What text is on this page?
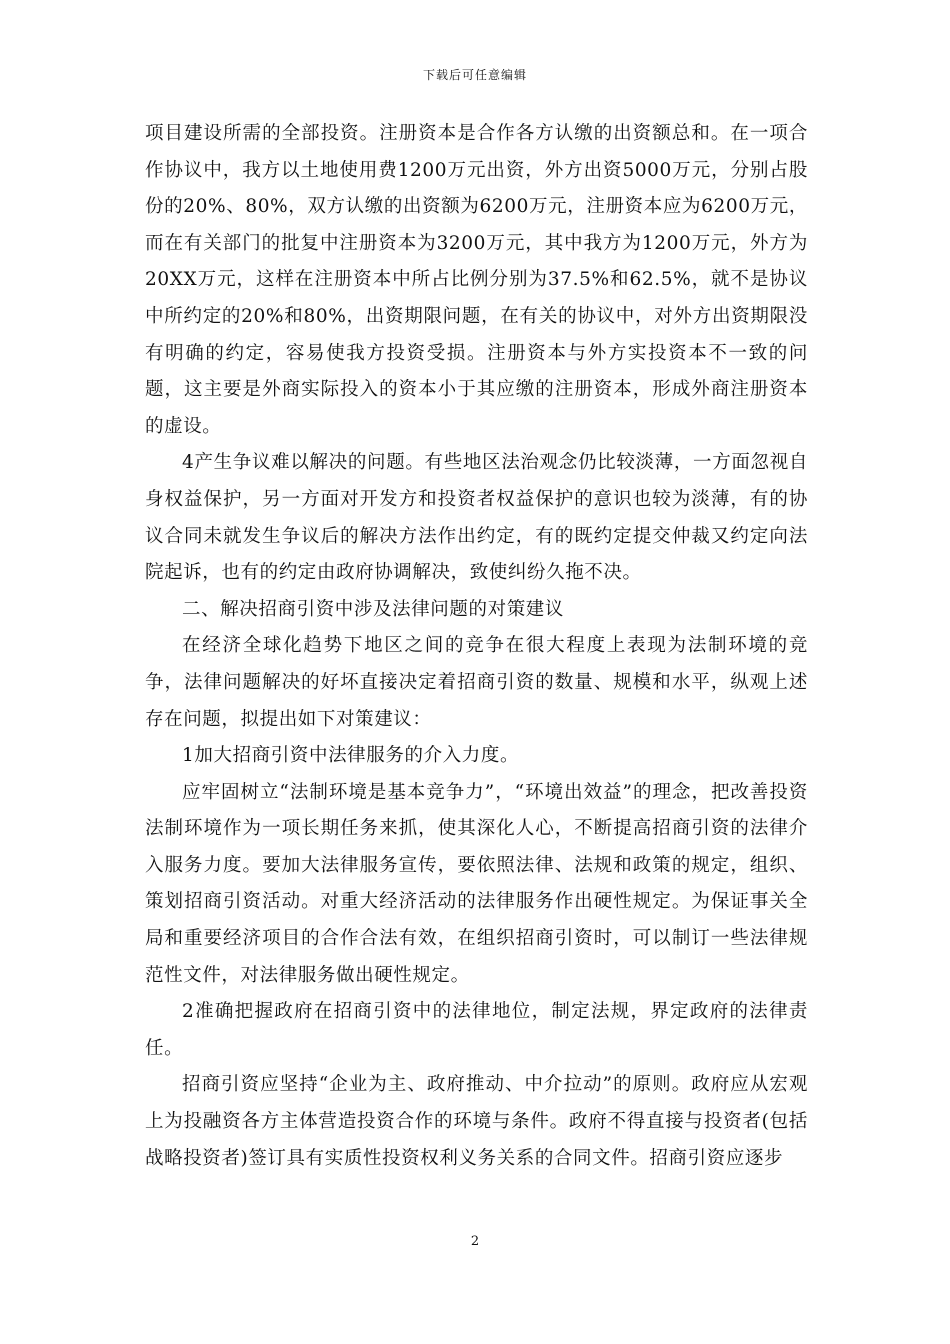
下载后可任意编辑

项目建设所需的全部投资。注册资本是合作各方认缴的出资额总和。在一项合作协议中，我方以土地使用费1200万元出资，外方出资5000万元，分别占股份的20%、80%，双方认缴的出资额为6200万元，注册资本应为6200万元，而在有关部门的批复中注册资本为3200万元，其中我方为1200万元，外方为20XX万元，这样在注册资本中所占比例分别为37.5%和62.5%，就不是协议中所约定的20%和80%，出资期限问题，在有关的协议中，对外方出资期限没有明确的约定，容易使我方投资受损。注册资本与外方实投资本不一致的问题，这主要是外商实际投入的资本小于其应缴的注册资本，形成外商注册资本的虚设。

4产生争议难以解决的问题。有些地区法治观念仍比较淡薄，一方面忽视自身权益保护，另一方面对开发方和投资者权益保护的意识也较为淡薄，有的协议合同未就发生争议后的解决方法作出约定，有的既约定提交仲裁又约定向法院起诉，也有的约定由政府协调解决，致使纠纷久拖不决。

二、解决招商引资中涉及法律问题的对策建议

在经济全球化趋势下地区之间的竞争在很大程度上表现为法制环境的竞争，法律问题解决的好坏直接决定着招商引资的数量、规模和水平，纵观上述存在问题，拟提出如下对策建议：

1加大招商引资中法律服务的介入力度。

应牢固树立“法制环境是基本竞争力”，“环境出效益”的理念，把改善投资法制环境作为一项长期任务来抓，使其深化人心，不断提高招商引资的法律介入服务力度。要加大法律服务宣传，要依照法律、法规和政策的规定，组织、策划招商引资活动。对重大经济活动的法律服务作出硬性规定。为保证事关全局和重要经济项目的合作合法有效，在组织招商引资时，可以制订一些法律规范性文件，对法律服务做出硬性规定。

2准确把握政府在招商引资中的法律地位，制定法规，界定政府的法律责任。

招商引资应坚持“企业为主、政府推动、中介拉动”的原则。政府应从宏观上为投融资各方主体营造投资合作的环境与条件。政府不得直接与投资者(包括战略投资者)签订具有实质性投资权利义务关系的合同文件。招商引资应逐步

2
